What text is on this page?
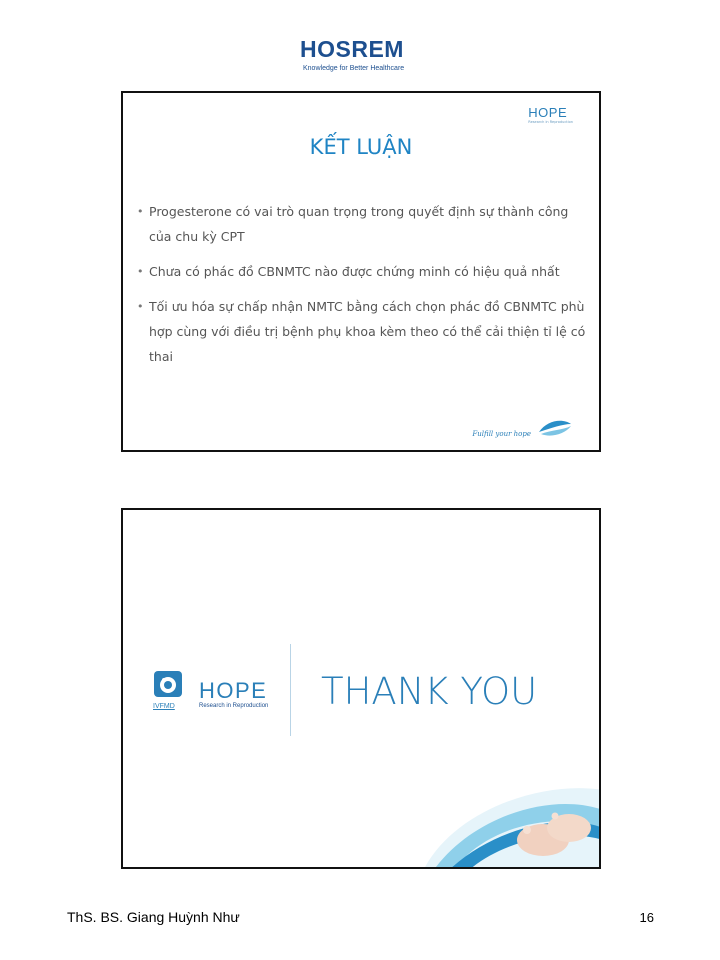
HOSREM
Knowledge for Better Healthcare
HOPE
Research in Reproduction
KẾT LUẬN
• Progesterone có vai trò quan trọng trong quyết định sự thành công của chu kỳ CPT
• Chưa có phác đồ CBNMTC nào được chứng minh có hiệu quả nhất
• Tối ưu hóa sự chấp nhận NMTC bằng cách chọn phác đồ CBNMTC phù hợp cùng với điều trị bệnh phụ khoa kèm theo có thể cải thiện tỉ lệ có thai
Fulfill your hope
IVFMD
HOPE
Research in Reproduction THANK YOU
ThS. BS. Giang Huỳnh Như	16
